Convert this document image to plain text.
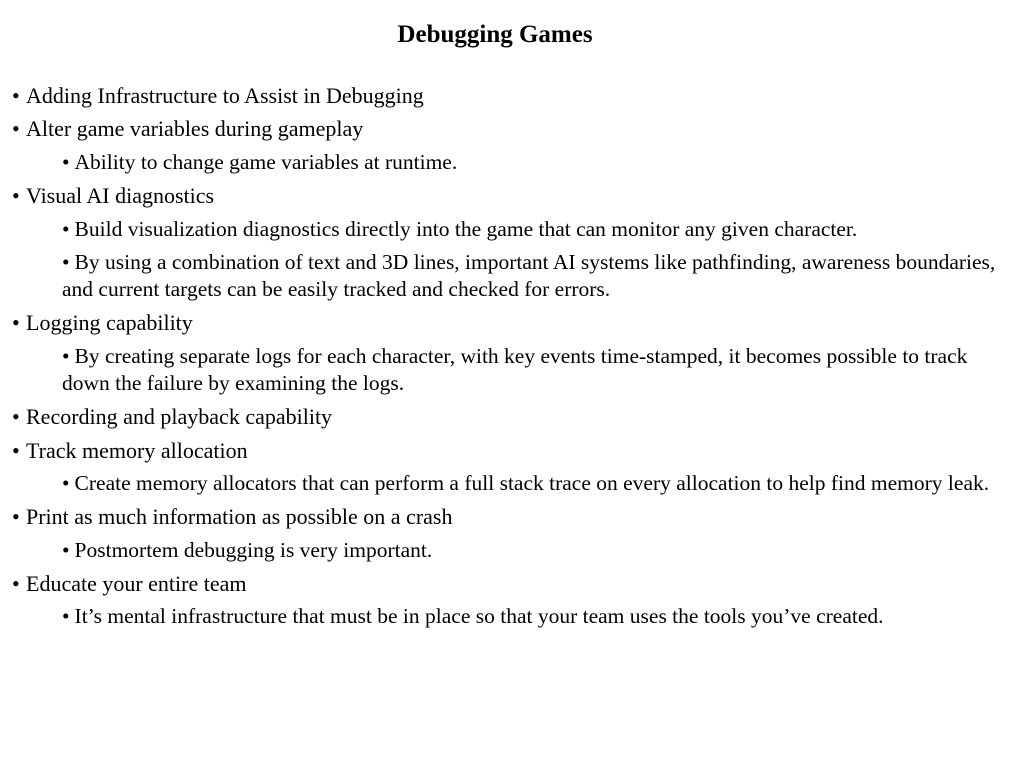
Debugging Games
• Adding Infrastructure to Assist in Debugging
• Alter game variables during gameplay
• Ability to change game variables at runtime.
• Visual AI diagnostics
• Build visualization diagnostics directly into the game that can monitor any given character.
• By using a combination of text and 3D lines, important AI systems like pathfinding, awareness boundaries, and current targets can be easily tracked and checked for errors.
• Logging capability
• By creating separate logs for each character, with key events time-stamped, it becomes possible to track down the failure by examining the logs.
• Recording and playback capability
• Track memory allocation
• Create memory allocators that can perform a full stack trace on every allocation to help find memory leak.
• Print as much information as possible on a crash
• Postmortem debugging is very important.
• Educate your entire team
• It’s mental infrastructure that must be in place so that your team uses the tools you’ve created.
